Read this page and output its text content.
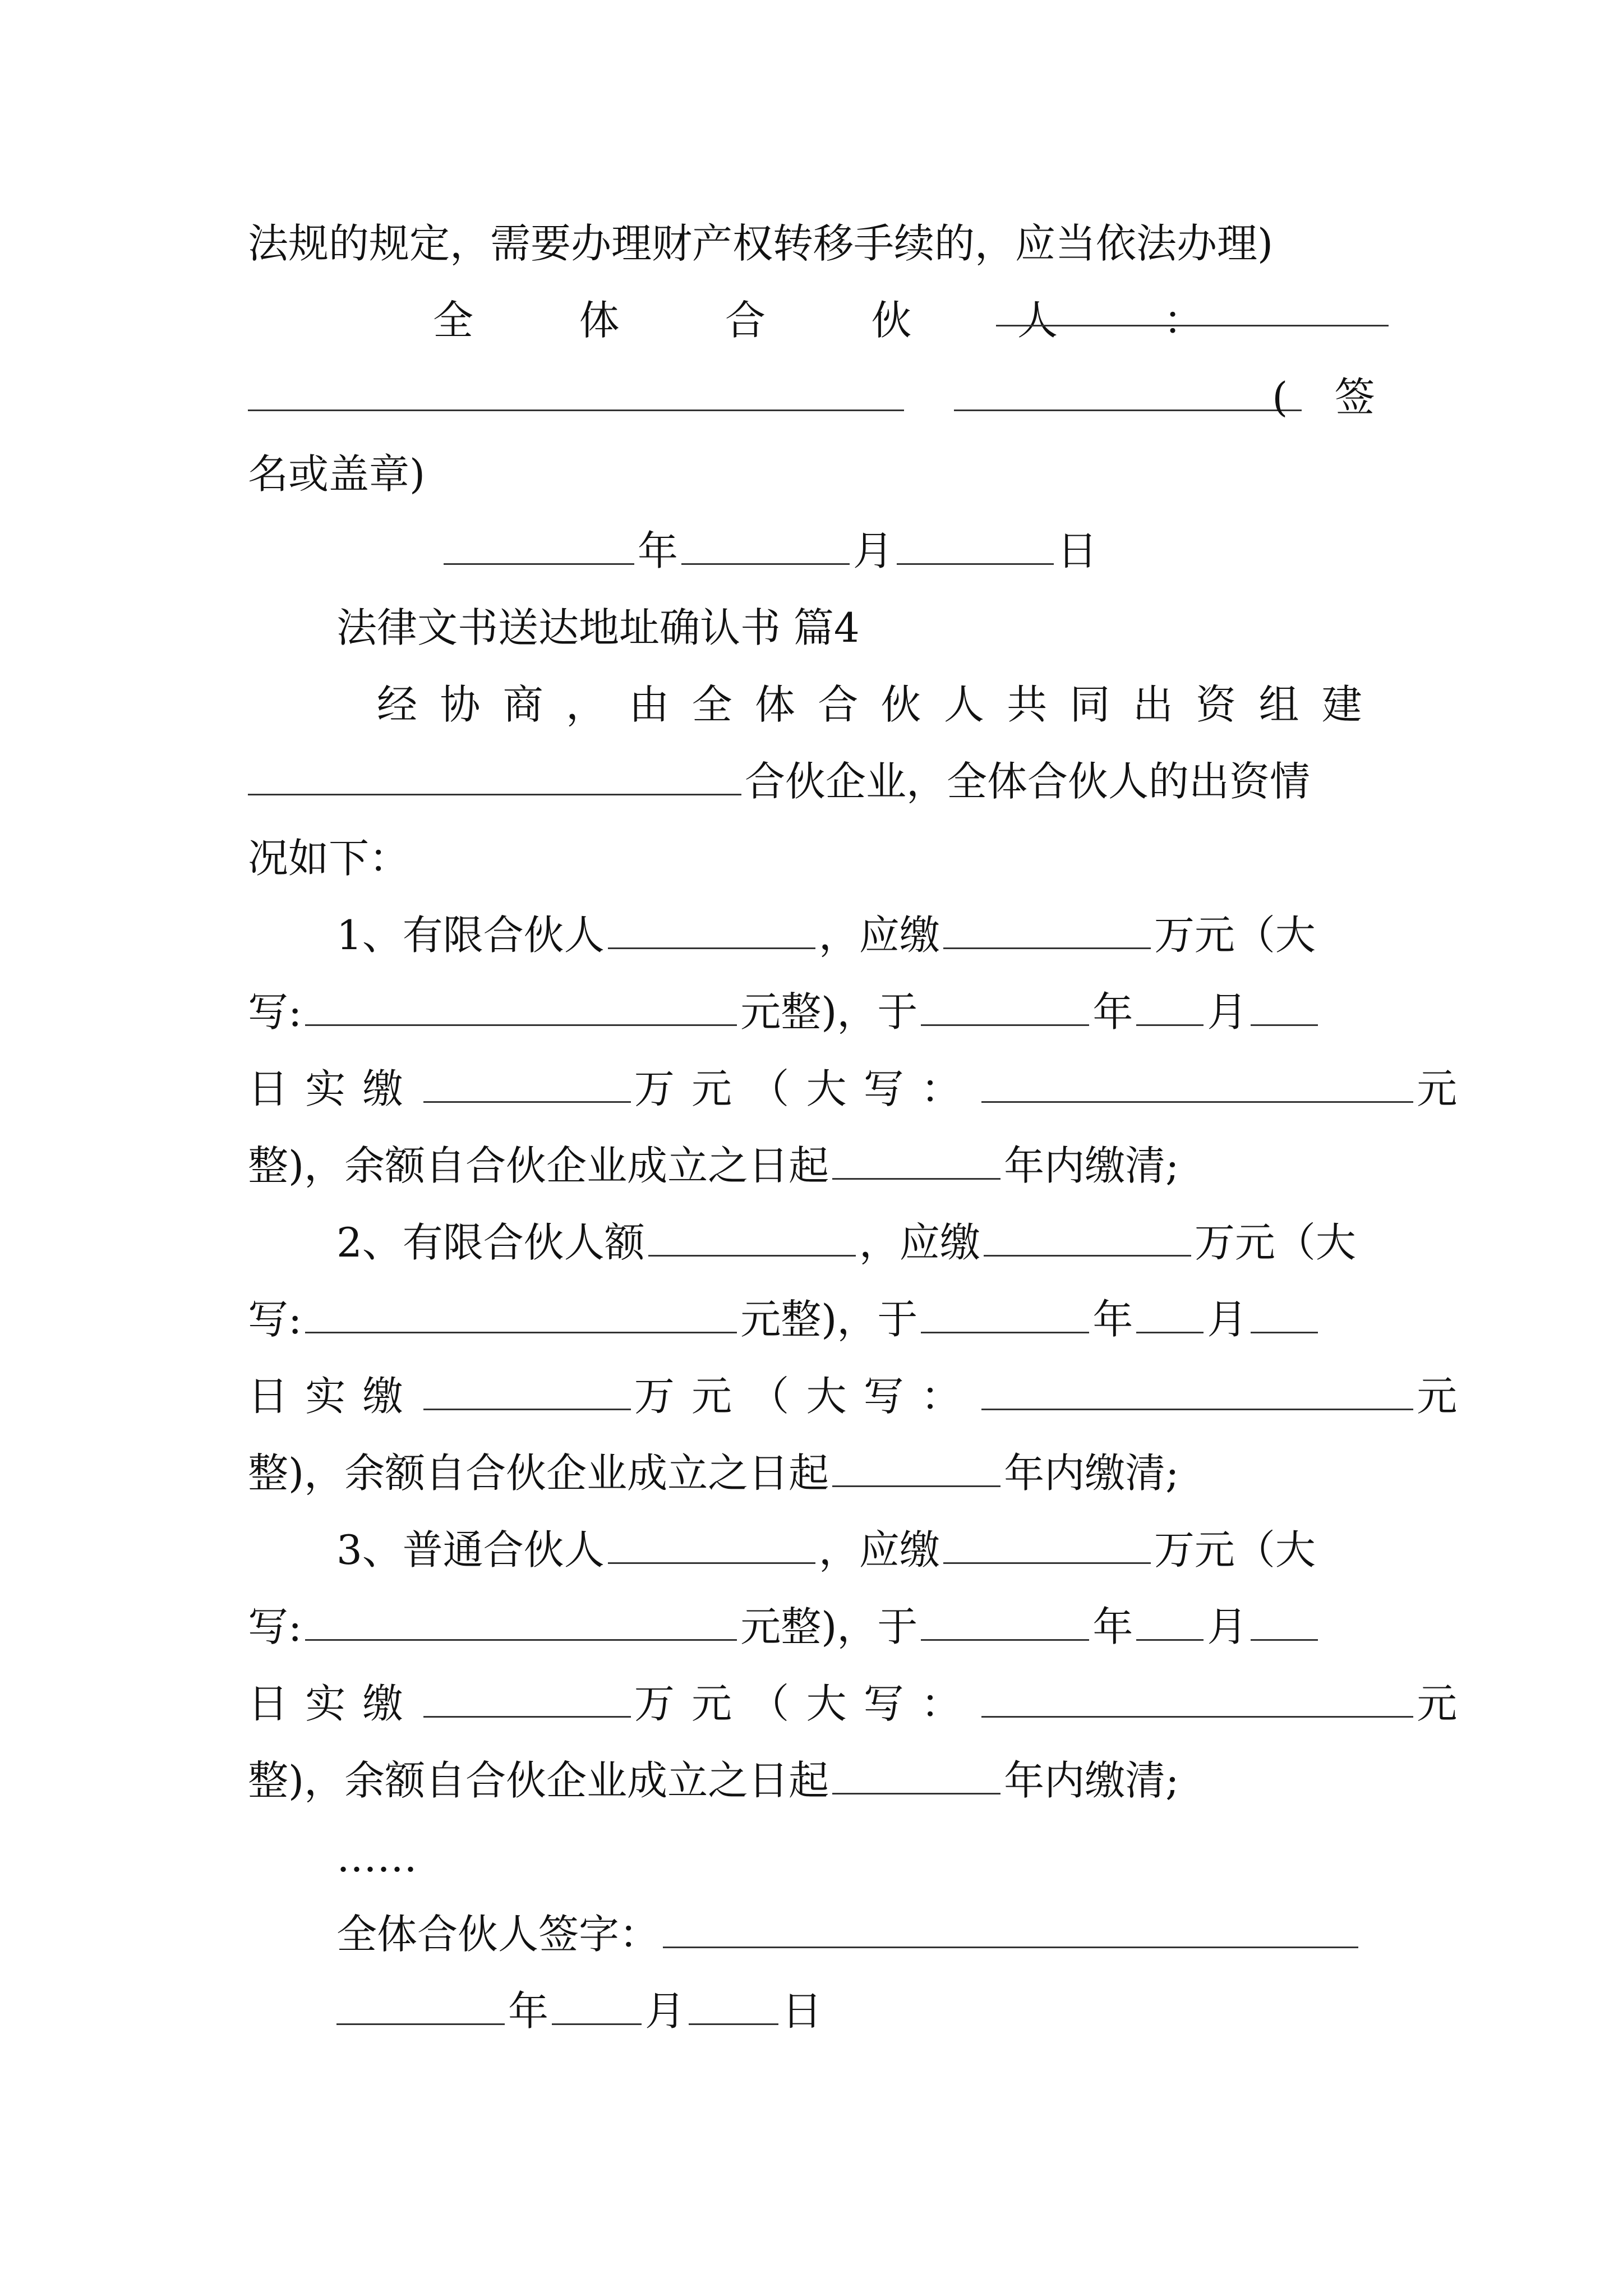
法规的规定，需要办理财产权转移手续的，应当依法办理)
全 体 合 伙 人 ：

( 签
名或盖章)
年	月	日
法律文书送达地址确认书 篇4
经协商，由全体合伙人共同出资组建
合伙企业，全体合伙人的出资情
况如下：
1、有限合伙人	，应缴	万元（大
写:	元整)，于	年 月
日实缴	万元（大写：	元
整)，余额自合伙企业成立之日起	年内缴清;
2、有限合伙人额	，应缴	万元（大
写:	元整)，于	年 月
日实缴	万元（大写：	元
整)，余额自合伙企业成立之日起	年内缴清;
3、普通合伙人	，应缴	万元（大
写:	元整)，于	年 月
日实缴	万元（大写：	元
整)，余额自合伙企业成立之日起	年内缴清;
……
全体合伙人签字：
年 月 日
